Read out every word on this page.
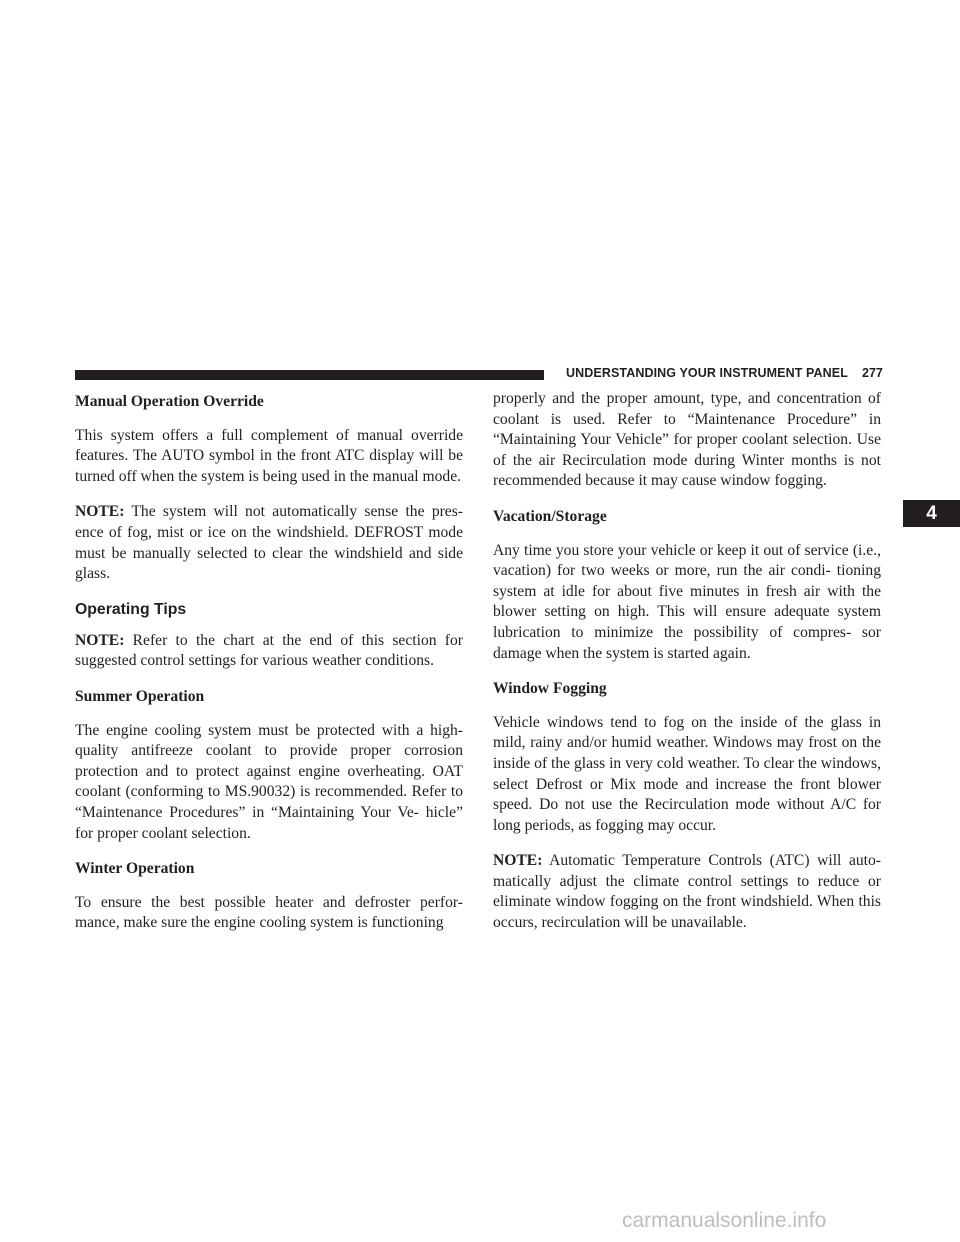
UNDERSTANDING YOUR INSTRUMENT PANEL 277
4
Manual Operation Override

This system offers a full complement of manual override features. The AUTO symbol in the front ATC display will be turned off when the system is being used in the manual mode.

NOTE: The system will not automatically sense the pres- ence of fog, mist or ice on the windshield. DEFROST mode must be manually selected to clear the windshield and side glass.

Operating Tips

NOTE: Refer to the chart at the end of this section for suggested control settings for various weather conditions.

Summer Operation

The engine cooling system must be protected with a high-quality antifreeze coolant to provide proper corrosion protection and to protect against engine overheating. OAT coolant (conforming to MS.90032) is recommended. Refer to “Maintenance Procedures” in “Maintaining Your Ve- hicle” for proper coolant selection.

Winter Operation

To ensure the best possible heater and defroster perfor- mance, make sure the engine cooling system is functioning

properly and the proper amount, type, and concentration of coolant is used. Refer to “Maintenance Procedure” in “Maintaining Your Vehicle” for proper coolant selection. Use of the air Recirculation mode during Winter months is not recommended because it may cause window fogging.

Vacation/Storage

Any time you store your vehicle or keep it out of service (i.e., vacation) for two weeks or more, run the air condi- tioning system at idle for about five minutes in fresh air with the blower setting on high. This will ensure adequate system lubrication to minimize the possibility of compres- sor damage when the system is started again.

Window Fogging

Vehicle windows tend to fog on the inside of the glass in mild, rainy and/or humid weather. Windows may frost on the inside of the glass in very cold weather. To clear the windows, select Defrost or Mix mode and increase the front blower speed. Do not use the Recirculation mode without A/C for long periods, as fogging may occur.

NOTE: Automatic Temperature Controls (ATC) will auto- matically adjust the climate control settings to reduce or eliminate window fogging on the front windshield. When this occurs, recirculation will be unavailable.

carmanualsonline.info
